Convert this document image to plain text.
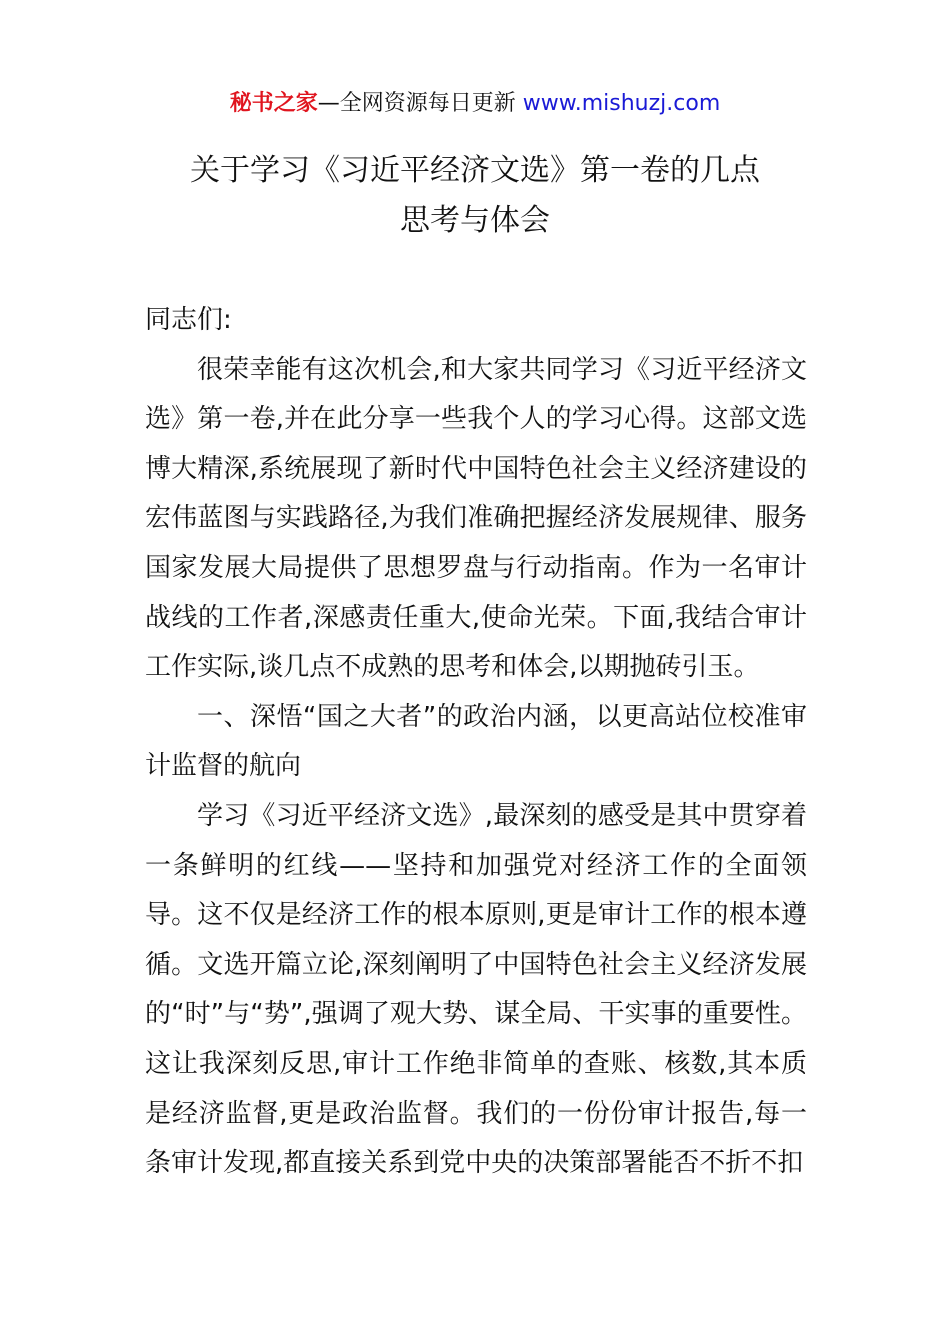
秘书之家—全网资源每日更新 www.mishuzj.com
关于学习《习近平经济文选》第一卷的几点
思考与体会

同志们:

很荣幸能有这次机会,和大家共同学习《习近平经济文选》第一卷,并在此分享一些我个人的学习心得。这部文选博大精深,系统展现了新时代中国特色社会主义经济建设的宏伟蓝图与实践路径,为我们准确把握经济发展规律、服务国家发展大局提供了思想罗盘与行动指南。作为一名审计战线的工作者,深感责任重大,使命光荣。下面,我结合审计工作实际,谈几点不成熟的思考和体会,以期抛砖引玉。

一、深悟“国之大者”的政治内涵，以更高站位校准审计监督的航向

学习《习近平经济文选》,最深刻的感受是其中贯穿着一条鲜明的红线——坚持和加强党对经济工作的全面领导。这不仅是经济工作的根本原则,更是审计工作的根本遵循。文选开篇立论,深刻阐明了中国特色社会主义经济发展的“时”与“势”,强调了观大势、谋全局、干实事的重要性。这让我深刻反思,审计工作绝非简单的查账、核数,其本质是经济监督,更是政治监督。我们的一份份审计报告,每一条审计发现,都直接关系到党中央的决策部署能否不折不扣
